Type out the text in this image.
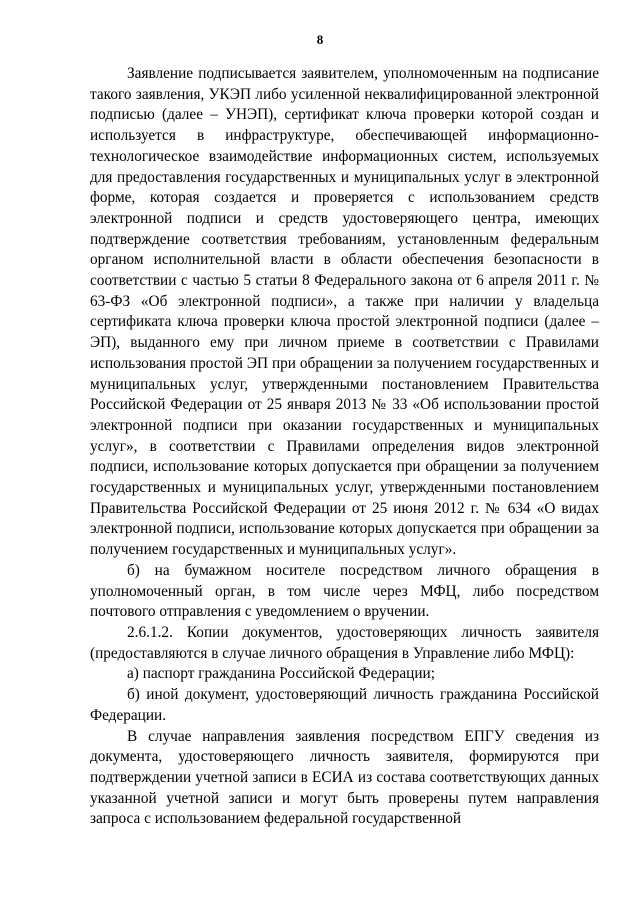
8

Заявление подписывается заявителем, уполномоченным на подписание такого заявления, УКЭП либо усиленной неквалифицированной электронной подписью (далее – УНЭП), сертификат ключа проверки которой создан и используется в инфраструктуре, обеспечивающей информационно-технологическое взаимодействие информационных систем, используемых для предоставления государственных и муниципальных услуг в электронной форме, которая создается и проверяется с использованием средств электронной подписи и средств удостоверяющего центра, имеющих подтверждение соответствия требованиям, установленным федеральным органом исполнительной власти в области обеспечения безопасности в соответствии с частью 5 статьи 8 Федерального закона от 6 апреля 2011 г. № 63-ФЗ «Об электронной подписи», а также при наличии у владельца сертификата ключа проверки ключа простой электронной подписи (далее – ЭП), выданного ему при личном приеме в соответствии с Правилами использования простой ЭП при обращении за получением государственных и муниципальных услуг, утвержденными постановлением Правительства Российской Федерации от 25 января 2013 № 33 «Об использовании простой электронной подписи при оказании государственных и муниципальных услуг», в соответствии с Правилами определения видов электронной подписи, использование которых допускается при обращении за получением государственных и муниципальных услуг, утвержденными постановлением Правительства Российской Федерации от 25 июня 2012 г. № 634 «О видах электронной подписи, использование которых допускается при обращении за получением государственных и муниципальных услуг».

б) на бумажном носителе посредством личного обращения в уполномоченный орган, в том числе через МФЦ, либо посредством почтового отправления с уведомлением о вручении.

2.6.1.2. Копии документов, удостоверяющих личность заявителя (предоставляются в случае личного обращения в Управление либо МФЦ):

а) паспорт гражданина Российской Федерации;

б) иной документ, удостоверяющий личность гражданина Российской Федерации.

В случае направления заявления посредством ЕПГУ сведения из документа, удостоверяющего личность заявителя, формируются при подтверждении учетной записи в ЕСИА из состава соответствующих данных указанной учетной записи и могут быть проверены путем направления запроса с использованием федеральной государственной
